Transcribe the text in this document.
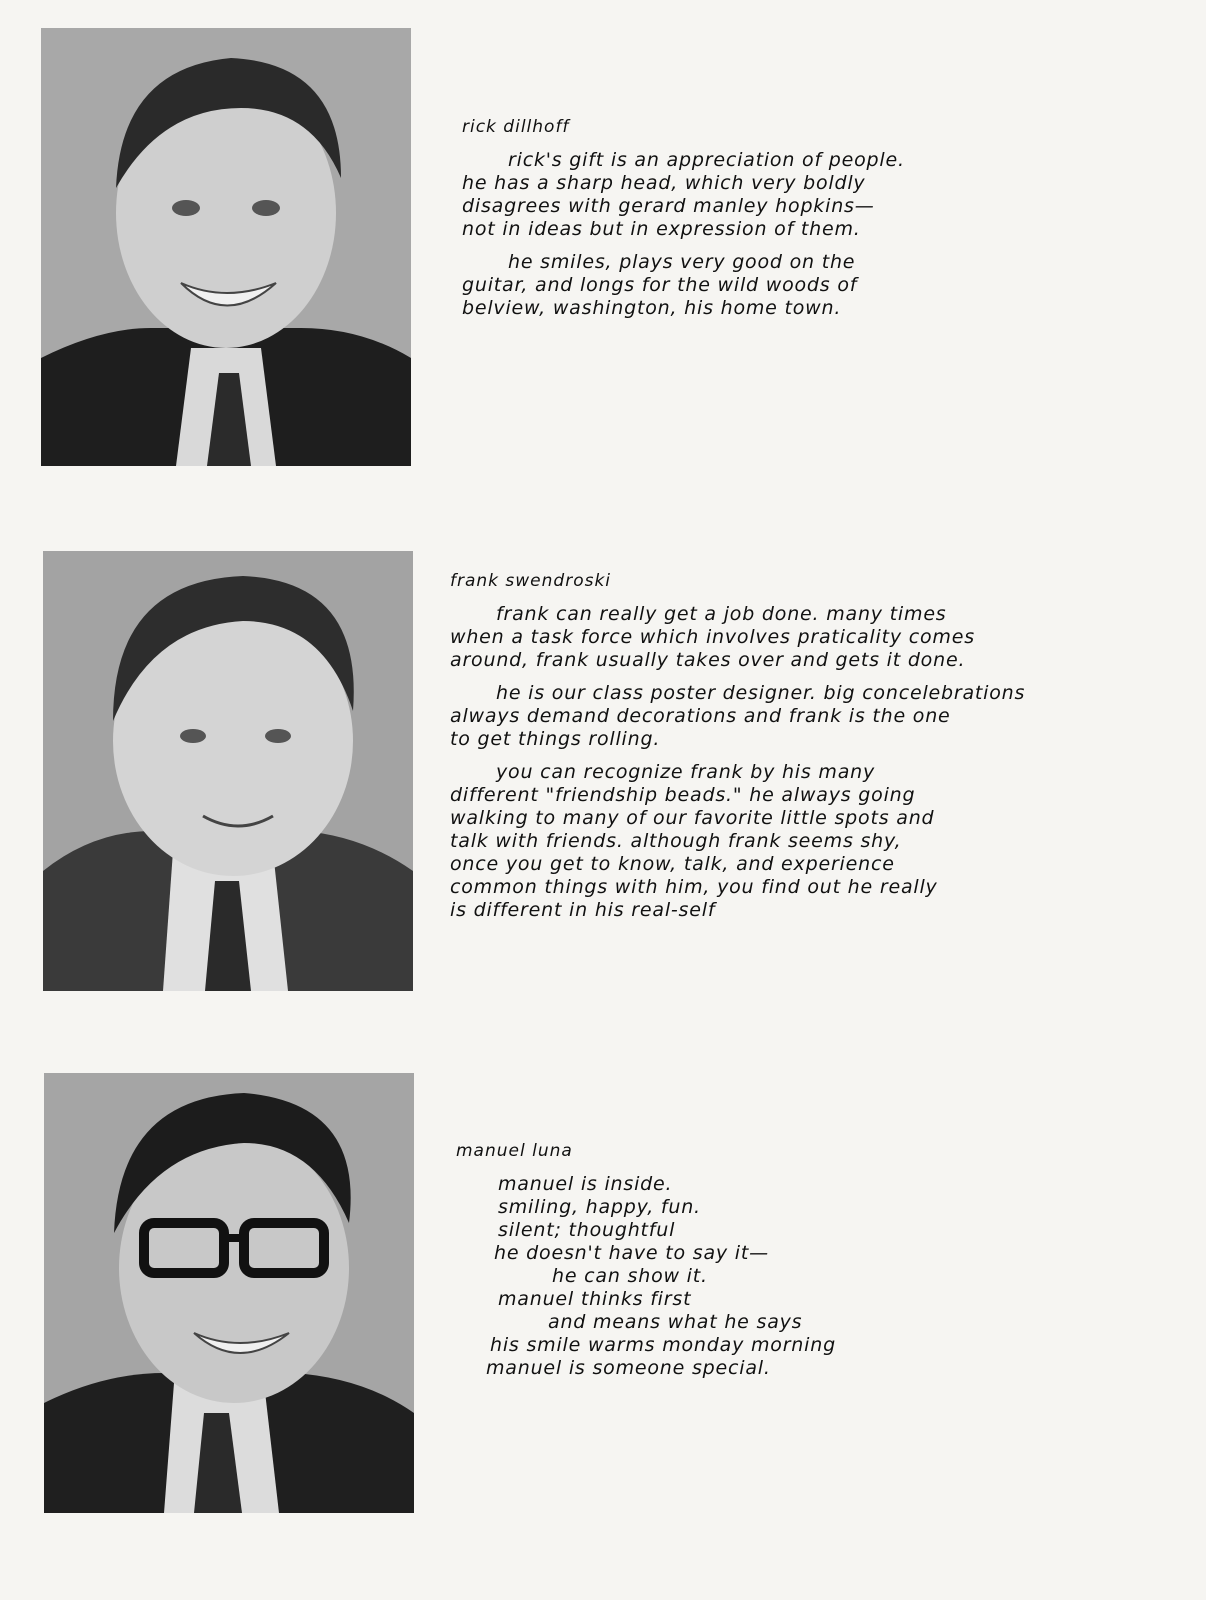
rick dillhoff

rick's gift is an appreciation of people.
he has a sharp head, which very boldly
disagrees with gerard manley hopkins—
not in ideas but in expression of them.

he smiles, plays very good on the
guitar, and longs for the wild woods of
belview, washington, his home town.

frank swendroski

frank can really get a job done. many times
when a task force which involves praticality comes
around, frank usually takes over and gets it done.

he is our class poster designer. big concelebrations
always demand decorations and frank is the one
to get things rolling.

you can recognize frank by his many
different "friendship beads." he always going
walking to many of our favorite little spots and
talk with friends. although frank seems shy,
once you get to know, talk, and experience
common things with him, you find out he really
is different in his real-self

manuel luna
manuel is inside.
smiling, happy, fun.
silent; thoughtful
he doesn't have to say it—
he can show it.
manuel thinks first
and means what he says
his smile warms monday morning
manuel is someone special.
